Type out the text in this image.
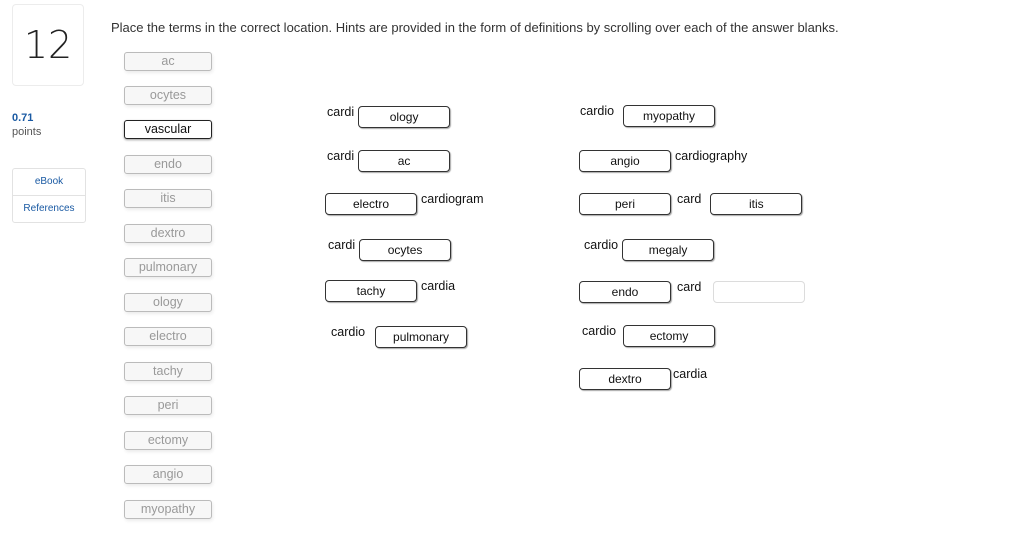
12
0.71
points
eBook
References
Place the terms in the correct location. Hints are provided in the form of definitions by scrolling over each of the answer blanks.
ac
ocytes
vascular
endo
itis
dextro
pulmonary
ology
electro
tachy
peri
ectomy
angio
myopathy
cardi	ology
cardi	ac
electro	cardiogram
cardi	ocytes
tachy	cardia
cardio	pulmonary
cardio	myopathy
angio	cardiography
peri	card	itis
cardio	megaly
endo	card
cardio	ectomy
dextro	cardia
